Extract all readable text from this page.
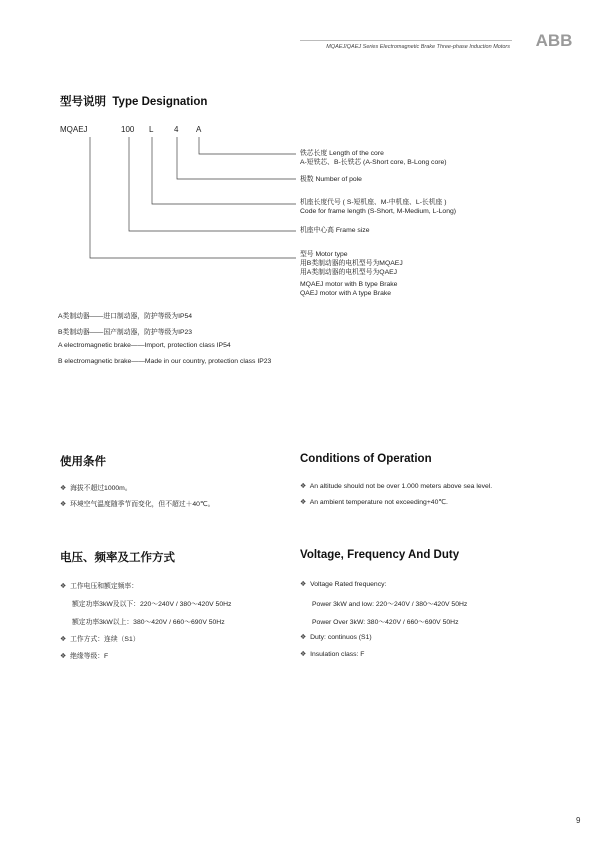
MQAEJ/QAEJ Series Electromagnetic Brake Three-phase Induction Motors ABB
型号说明 Type Designation
MQAEJ	100 L	4 A
铁芯长度 Length of the core
A-短铁芯、B-长铁芯 (A-Short core, B-Long core)
极数 Number of pole
机座长度代号 ( S-短机座、M-中机座、L-长机座 )
Code for frame length (S-Short, M-Medium, L-Long)
机座中心高 Frame size
型号 Motor type
用B类制动器的电机型号为MQAEJ
用A类制动器的电机型号为QAEJ
MQAEJ motor with B type Brake
QAEJ motor with A type Brake
A类制动器——进口制动器，防护等级为IP54
B类制动器——国产制动器，防护等级为IP23
A electromagnetic brake——Import, protection class IP54
B electromagnetic brake——Made in our country, protection class IP23
使用条件	Conditions of Operation
❖ 海拔不超过1000m。
❖ 环境空气温度随季节而变化，但不超过＋40℃。
❖ An altitude should not be over 1.000 meters above sea level.
❖ An ambient temperature not exceeding+40℃.
电压、频率及工作方式	Voltage, Frequency And Duty
❖ 工作电压和额定频率：
额定功率3kW及以下：220～240V / 380～420V 50Hz
额定功率3kW以上：380～420V / 660～690V 50Hz
❖ 工作方式：连续（S1）
❖ 绝缘等级：F
❖ Voltage Rated frequency:
Power 3kW and low: 220～240V / 380～420V 50Hz
Power Over 3kW: 380～420V / 660～690V 50Hz
❖ Duty: continuos (S1)
❖ Insulation class: F
9
